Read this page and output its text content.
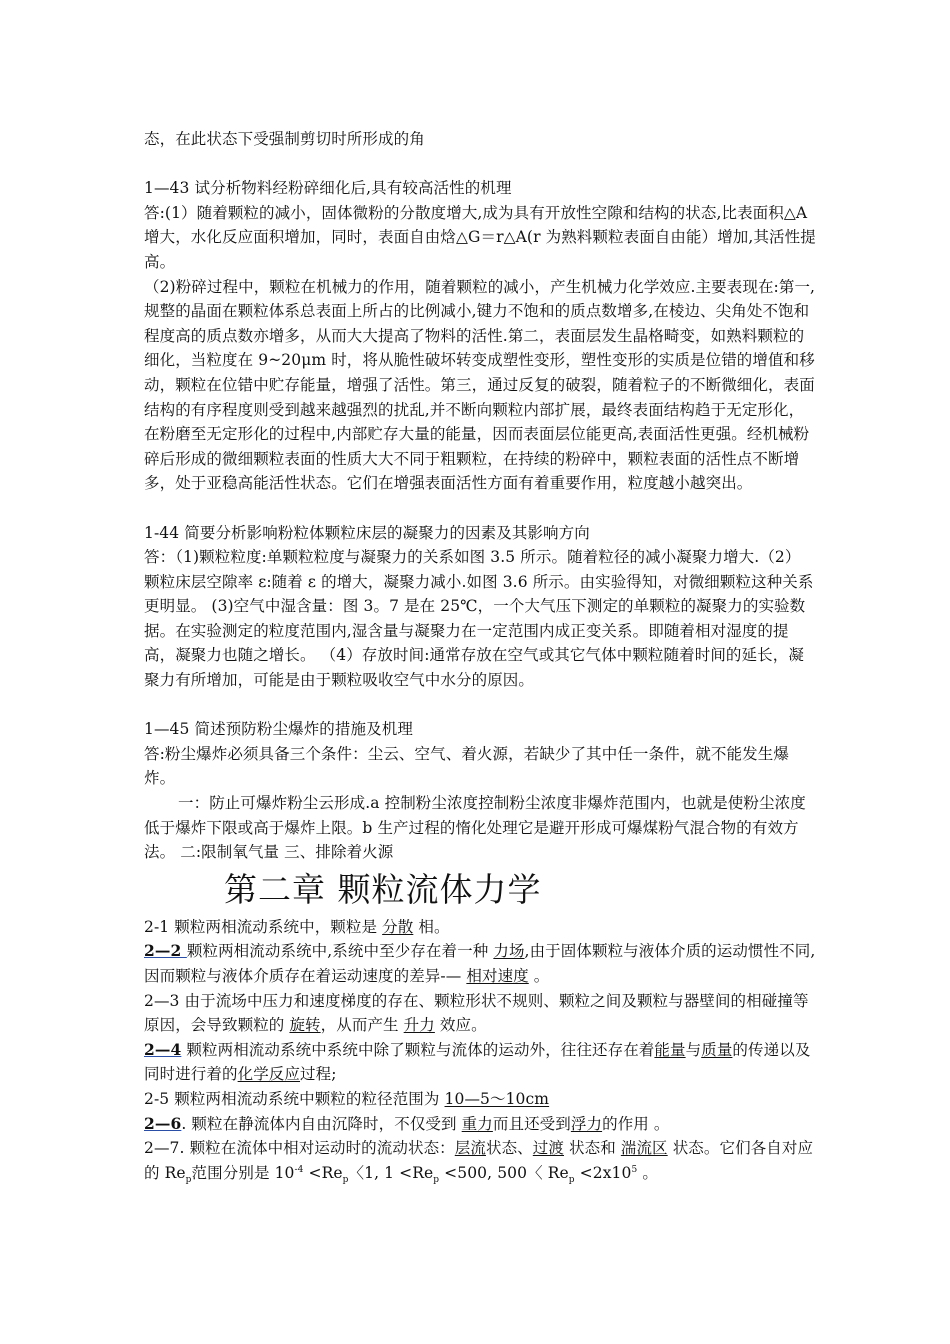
态，在此状态下受强制剪切时所形成的角

1—43 试分析物料经粉碎细化后,具有较高活性的机理

答:(1）随着颗粒的减小，固体微粉的分散度增大,成为具有开放性空隙和结构的状态,比表面积△A 增大，水化反应面积增加，同时，表面自由焓△G＝r△A(r 为熟料颗粒表面自由能）增加,其活性提高。

（2)粉碎过程中，颗粒在机械力的作用，随着颗粒的减小，产生机械力化学效应.主要表现在:第一,规整的晶面在颗粒体系总表面上所占的比例减小,键力不饱和的质点数增多,在棱边、尖角处不饱和程度高的质点数亦增多，从而大大提高了物料的活性.第二，表面层发生晶格畸变，如熟料颗粒的细化，当粒度在 9~20μm 时，将从脆性破坏转变成塑性变形，塑性变形的实质是位错的增值和移动，颗粒在位错中贮存能量，增强了活性。第三，通过反复的破裂，随着粒子的不断微细化，表面结构的有序程度则受到越来越强烈的扰乱,并不断向颗粒内部扩展，最终表面结构趋于无定形化，在粉磨至无定形化的过程中,内部贮存大量的能量，因而表面层位能更高,表面活性更强。经机械粉碎后形成的微细颗粒表面的性质大大不同于粗颗粒，在持续的粉碎中，颗粒表面的活性点不断增多，处于亚稳高能活性状态。它们在增强表面活性方面有着重要作用，粒度越小越突出。

1-44 简要分析影响粉粒体颗粒床层的凝聚力的因素及其影响方向

答：（1)颗粒粒度:单颗粒粒度与凝聚力的关系如图 3.5 所示。随着粒径的减小凝聚力增大.（2）颗粒床层空隙率 ε:随着 ε 的增大，凝聚力减小.如图 3.6 所示。由实验得知，对微细颗粒这种关系更明显。 (3)空气中湿含量：图 3。7 是在 25℃，一个大气压下测定的单颗粒的凝聚力的实验数据。在实验测定的粒度范围内,湿含量与凝聚力在一定范围内成正变关系。即随着相对湿度的提高，凝聚力也随之增长。 （4）存放时间:通常存放在空气或其它气体中颗粒随着时间的延长，凝聚力有所增加，可能是由于颗粒吸收空气中水分的原因。

1—45 简述预防粉尘爆炸的措施及机理

答:粉尘爆炸必须具备三个条件：尘云、空气、着火源，若缺少了其中任一条件，就不能发生爆炸。

一：防止可爆炸粉尘云形成.a 控制粉尘浓度控制粉尘浓度非爆炸范围内，也就是使粉尘浓度低于爆炸下限或高于爆炸上限。b 生产过程的惰化处理它是避开形成可爆煤粉气混合物的有效方法。 二:限制氧气量 三、排除着火源

第二章 颗粒流体力学

2-1 颗粒两相流动系统中，颗粒是 分散 相。

2—2 颗粒两相流动系统中,系统中至少存在着一种 力场,由于固体颗粒与液体介质的运动惯性不同,因而颗粒与液体介质存在着运动速度的差异-— 相对速度 。

2—3 由于流场中压力和速度梯度的存在、颗粒形状不规则、颗粒之间及颗粒与器壁间的相碰撞等原因，会导致颗粒的 旋转，从而产生 升力 效应。

2—4 颗粒两相流动系统中系统中除了颗粒与流体的运动外，往往还存在着能量与质量的传递以及同时进行着的化学反应过程;

2-5 颗粒两相流动系统中颗粒的粒径范围为 10—5～10cm

2—6. 颗粒在静流体内自由沉降时，不仅受到 重力而且还受到浮力的作用 。

2—7. 颗粒在流体中相对运动时的流动状态：层流状态、过渡 状态和 湍流区 状态。它们各自对应的 $Re_p$范围分别是 $10^{-4} <Re_p$〈1, $1 <Re_p <500$, 500〈 $Re_p <2x10^5$ 。
